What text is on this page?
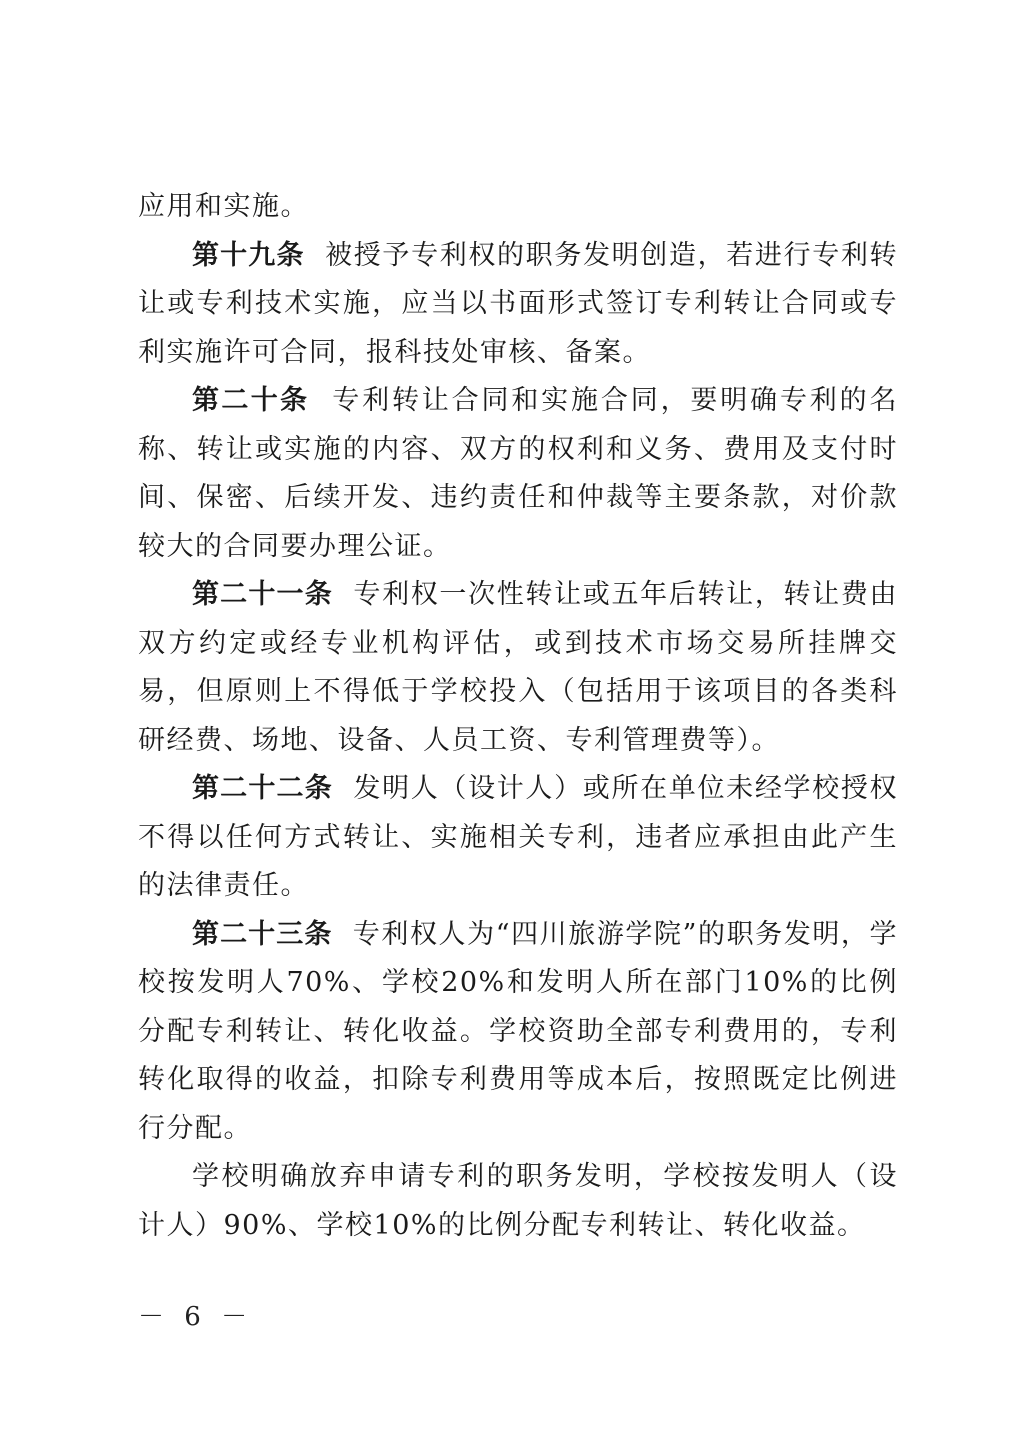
应用和实施。

第十九条 被授予专利权的职务发明创造，若进行专利转让或专利技术实施，应当以书面形式签订专利转让合同或专利实施许可合同，报科技处审核、备案。

第二十条 专利转让合同和实施合同，要明确专利的名称、转让或实施的内容、双方的权利和义务、费用及支付时间、保密、后续开发、违约责任和仲裁等主要条款，对价款较大的合同要办理公证。

第二十一条 专利权一次性转让或五年后转让，转让费由双方约定或经专业机构评估，或到技术市场交易所挂牌交易，但原则上不得低于学校投入（包括用于该项目的各类科研经费、场地、设备、人员工资、专利管理费等）。

第二十二条 发明人（设计人）或所在单位未经学校授权不得以任何方式转让、实施相关专利，违者应承担由此产生的法律责任。

第二十三条 专利权人为“四川旅游学院”的职务发明，学校按发明人70%、学校20%和发明人所在部门10%的比例分配专利转让、转化收益。学校资助全部专利费用的，专利转化取得的收益，扣除专利费用等成本后，按照既定比例进行分配。

学校明确放弃申请专利的职务发明，学校按发明人（设计人）90%、学校10%的比例分配专利转让、转化收益。

－ 6 －
